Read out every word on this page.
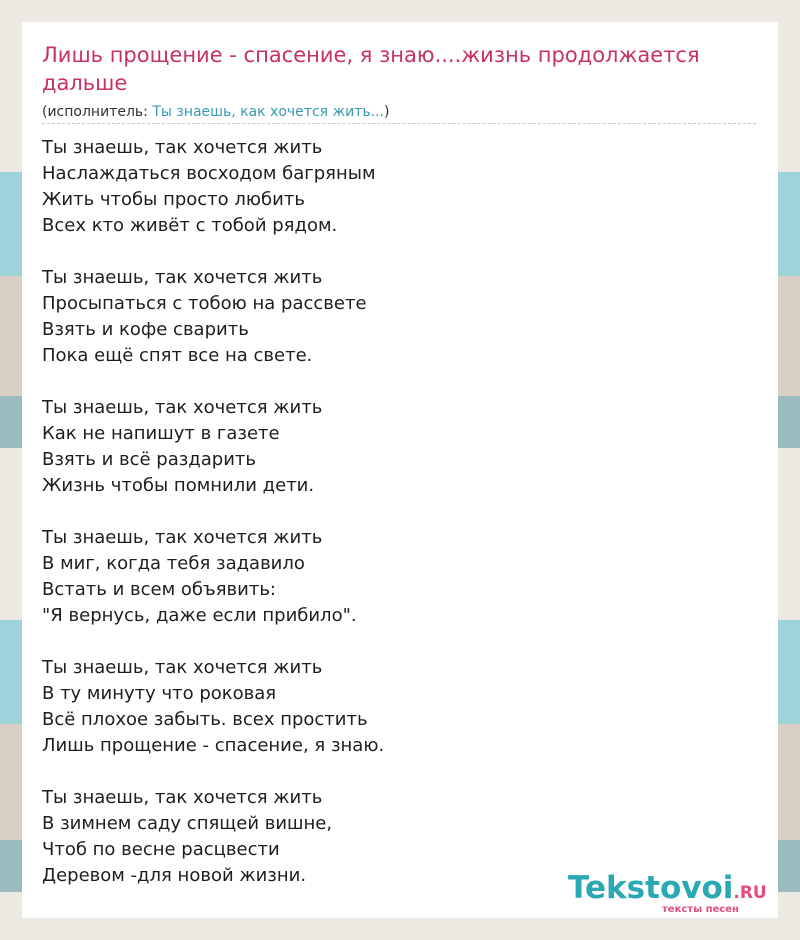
Лишь прощение - спасение, я знаю....жизнь продолжается дальше
(исполнитель: Ты знаешь, как хочется жить...)
Ты знаешь, так хочется жить
Наслаждаться восходом багряным
Жить чтобы просто любить
Всех кто живёт с тобой рядом.
Ты знаешь, так хочется жить
Просыпаться с тобою на рассвете
Взять и кофе сварить
Пока ещё спят все на свете.
Ты знаешь, так хочется жить
Как не напишут в газете
Взять и всё раздарить
Жизнь чтобы помнили дети.
Ты знаешь, так хочется жить
В миг, когда тебя задавило
Встать и всем объявить:
"Я вернусь, даже если прибило".
Ты знаешь, так хочется жить
В ту минуту что роковая
Всё плохое забыть. всех простить
Лишь прощение - спасение, я знаю.
Ты знаешь, так хочется жить
В зимнем саду спящей вишне,
Чтоб по весне расцвести
Деревом -для новой жизни.	Tekstovoi.RU
тексты песен
